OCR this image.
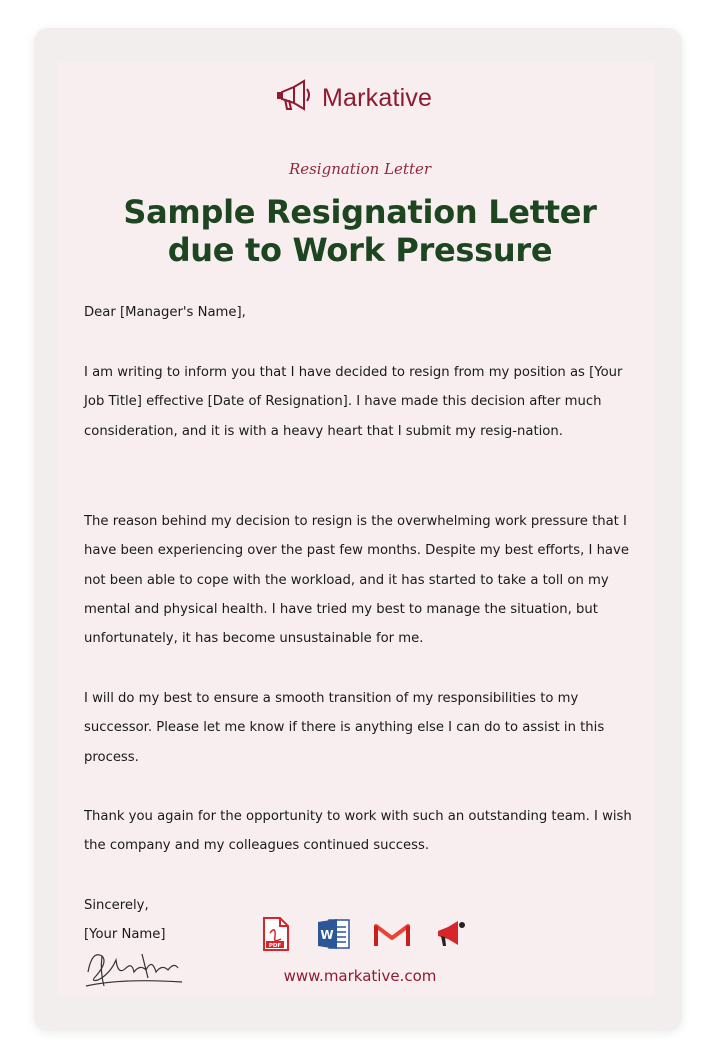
Markative
Resignation Letter
Sample Resignation Letter
due to Work Pressure
Dear [Manager's Name],

I am writing to inform you that I have decided to resign from my position as [Your Job Title] effective [Date of Resignation]. I have made this decision after much consideration, and it is with a heavy heart that I submit my resig-nation.

The reason behind my decision to resign is the overwhelming work pressure that I have been experiencing over the past few months. Despite my best efforts, I have not been able to cope with the workload, and it has started to take a toll on my mental and physical health. I have tried my best to manage the situation, but unfortunately, it has become unsustainable for me.

I will do my best to ensure a smooth transition of my responsibilities to my successor. Please let me know if there is anything else I can do to assist in this process.

Thank you again for the opportunity to work with such an outstanding team. I wish the company and my colleagues continued success.

Sincerely,
[Your Name]
PDF
W
www.markative.com
